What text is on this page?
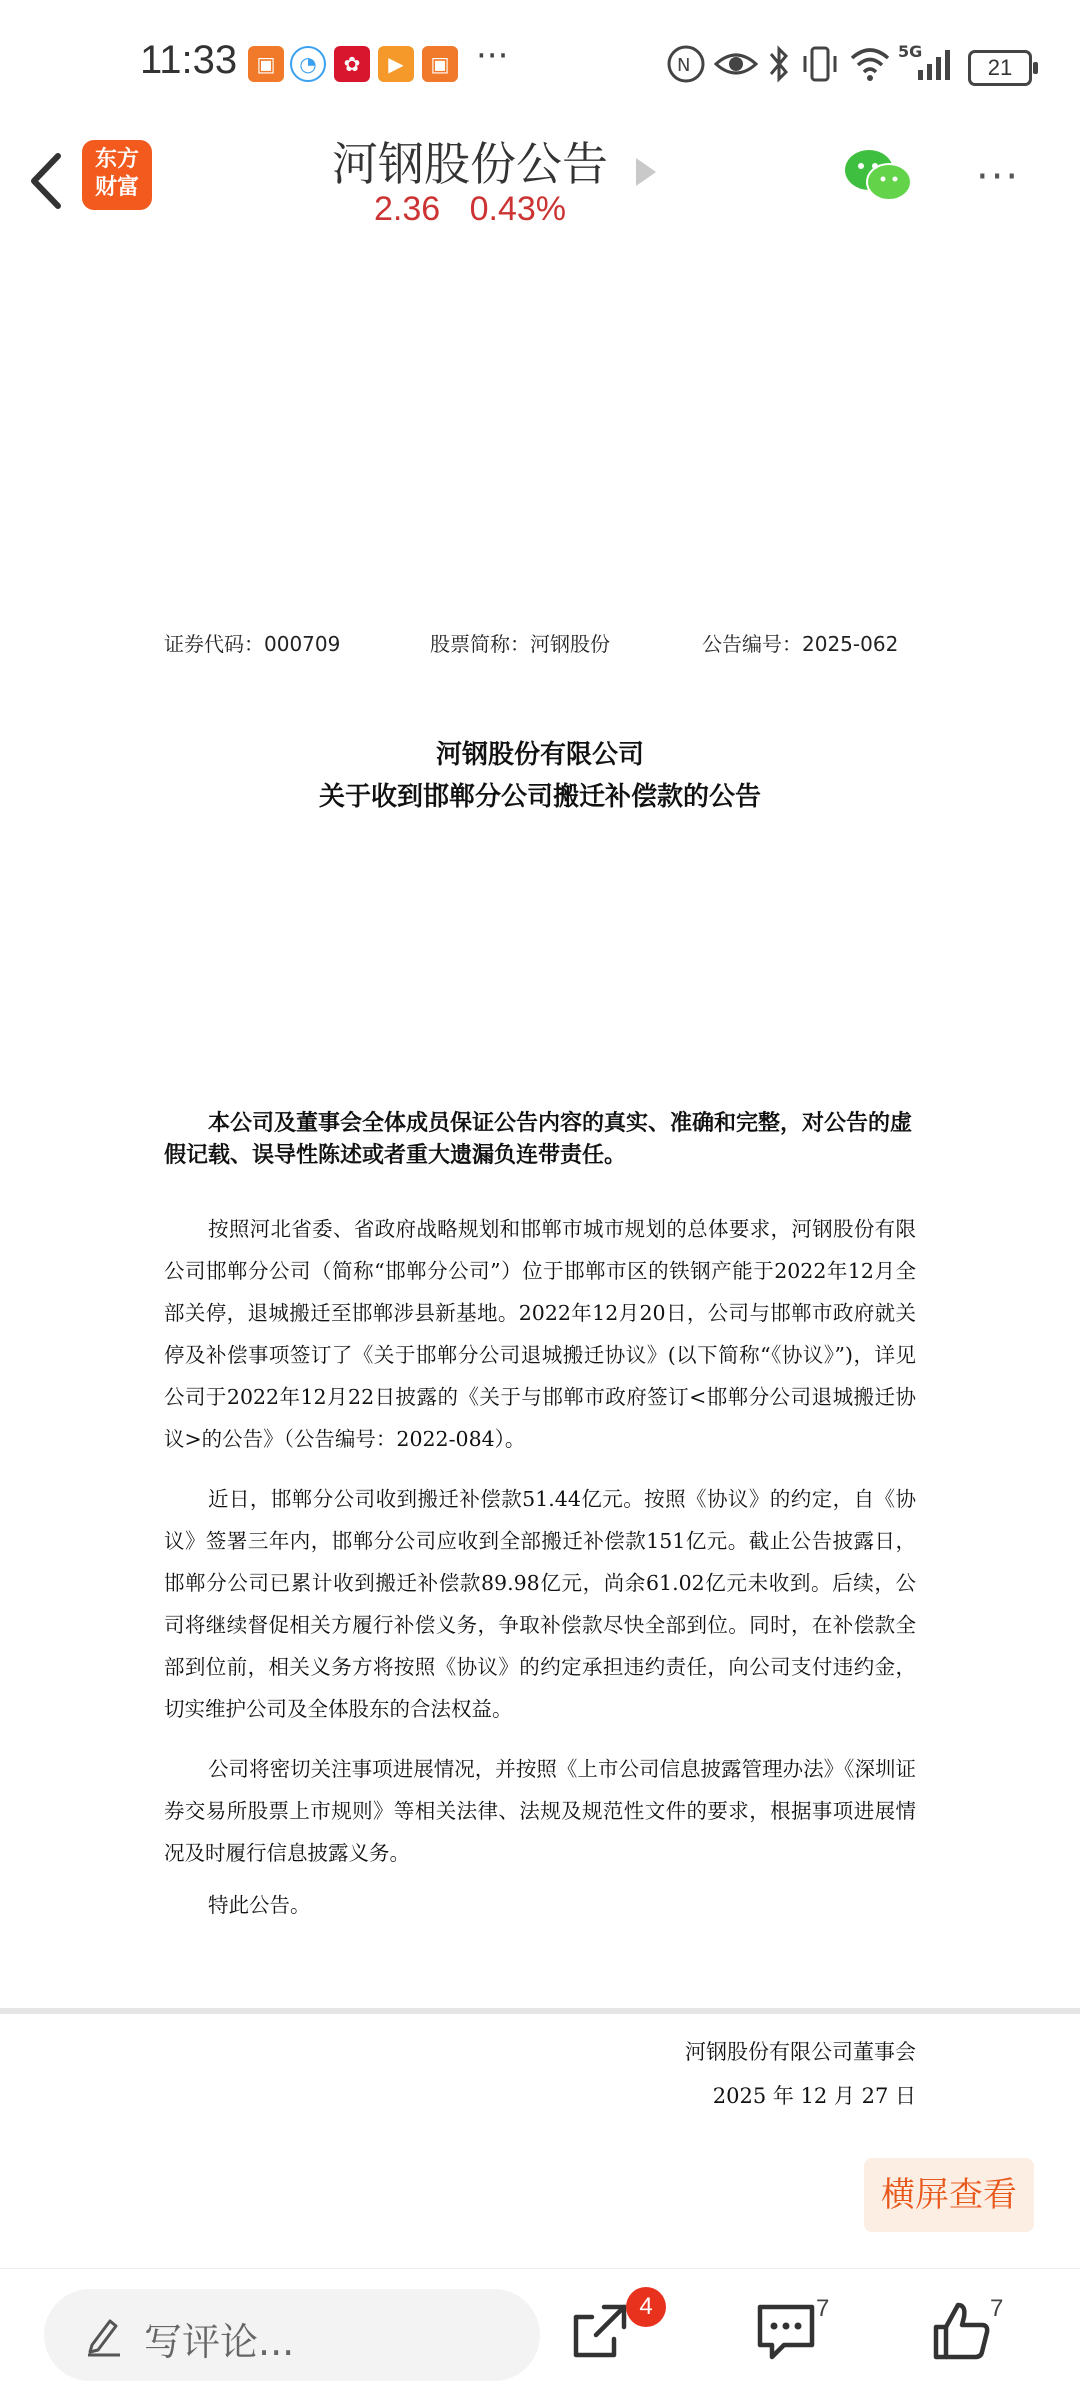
11:33 ▣	◔	✿	▶	▣ ···	N
5G
21
东方
财富	河钢股份公告
2.36 0.43%
···
证券代码：000709	股票简称：河钢股份	公告编号：2025-062
河钢股份有限公司
关于收到邯郸分公司搬迁补偿款的公告
本公司及董事会全体成员保证公告内容的真实、准确和完整，对公告的虚假记载、误导性陈述或者重大遗漏负连带责任。
按照河北省委、省政府战略规划和邯郸市城市规划的总体要求，河钢股份有限公司邯郸分公司（简称“邯郸分公司”）位于邯郸市区的铁钢产能于2022年12月全部关停，退城搬迁至邯郸涉县新基地。2022年12月20日，公司与邯郸市政府就关停及补偿事项签订了《关于邯郸分公司退城搬迁协议》(以下简称“《协议》”)，详见公司于2022年12月22日披露的《关于与邯郸市政府签订<邯郸分公司退城搬迁协议>的公告》（公告编号：2022-084）。
近日，邯郸分公司收到搬迁补偿款51.44亿元。按照《协议》的约定，自《协议》签署三年内，邯郸分公司应收到全部搬迁补偿款151亿元。截止公告披露日，邯郸分公司已累计收到搬迁补偿款89.98亿元，尚余61.02亿元未收到。后续，公司将继续督促相关方履行补偿义务，争取补偿款尽快全部到位。同时，在补偿款全部到位前，相关义务方将按照《协议》的约定承担违约责任，向公司支付违约金，切实维护公司及全体股东的合法权益。
公司将密切关注事项进展情况，并按照《上市公司信息披露管理办法》《深圳证券交易所股票上市规则》等相关法律、法规及规范性文件的要求，根据事项进展情况及时履行信息披露义务。
特此公告。
河钢股份有限公司董事会
2025 年 12 月 27 日
横屏查看
写评论...
4	7	7
